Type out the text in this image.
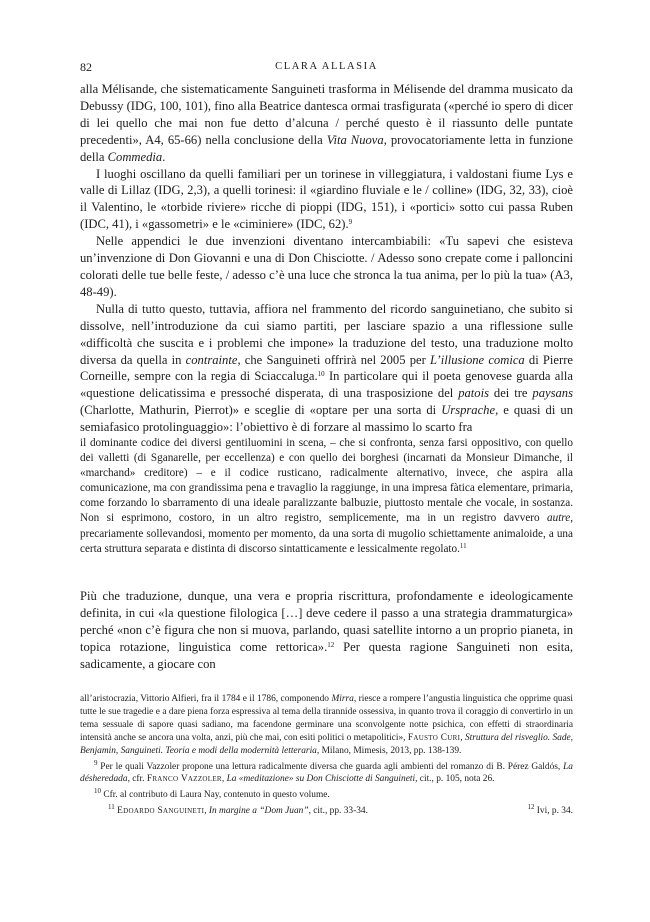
82	CLARA ALLASIA

alla Mélisande, che sistematicamente Sanguineti trasforma in Mélisende del dramma musicato da Debussy (IDG, 100, 101), fino alla Beatrice dantesca ormai trasfigurata («perché io spero di dicer di lei quello che mai non fue detto d’alcuna / perché questo è il riassunto delle puntate precedenti», A4, 65-66) nella conclusione della Vita Nuova, provocatoriamente letta in funzione della Commedia.

I luoghi oscillano da quelli familiari per un torinese in villeggiatura, i valdostani fiume Lys e valle di Lillaz (IDG, 2,3), a quelli torinesi: il «giardino fluviale e le / colline» (IDG, 32, 33), cioè il Valentino, le «torbide riviere» ricche di pioppi (IDG, 151), i «portici» sotto cui passa Ruben (IDC, 41), i «gassometri» e le «ciminiere» (IDC, 62).$^9$

Nelle appendici le due invenzioni diventano intercambiabili: «Tu sapevi che esisteva un’invenzione di Don Giovanni e una di Don Chisciotte. / Adesso sono crepate come i palloncini colorati delle tue belle feste, / adesso c’è una luce che stronca la tua anima, per lo più la tua» (A3, 48-49).

Nulla di tutto questo, tuttavia, affiora nel frammento del ricordo sanguinetiano, che subito si dissolve, nell’introduzione da cui siamo partiti, per lasciare spazio a una riflessione sulle «difficoltà che suscita e i problemi che impone» la traduzione del testo, una traduzione molto diversa da quella in contrainte, che Sanguineti offrirà nel 2005 per L’illusione comica di Pierre Corneille, sempre con la regia di Sciaccaluga.$^{10}$ In particolare qui il poeta genovese guarda alla «questione delicatissima e pressoché disperata, di una trasposizione del patois dei tre paysans (Charlotte, Mathurin, Pierrot)» e sceglie di «optare per una sorta di Ursprache, e quasi di un semiafasico protolinguaggio»: l’obiettivo è di forzare al massimo lo scarto fra

il dominante codice dei diversi gentiluomini in scena, – che si confronta, senza farsi oppositivo, con quello dei valletti (di Sganarelle, per eccellenza) e con quello dei borghesi (incarnati da Monsieur Dimanche, il «marchand» creditore) – e il codice rusticano, radicalmente alternativo, invece, che aspira alla comunicazione, ma con grandissima pena e travaglio la raggiunge, in una impresa fàtica elementare, primaria, come forzando lo sbarramento di una ideale paralizzante balbuzie, piuttosto mentale che vocale, in sostanza. Non si esprimono, costoro, in un altro registro, semplicemente, ma in un registro davvero autre, precariamente sollevandosi, momento per momento, da una sorta di mugolio schiettamente animaloide, a una certa struttura separata e distinta di discorso sintatticamente e lessicalmente regolato.$^{11}$
Più che traduzione, dunque, una vera e propria riscrittura, profondamente e ideologicamente definita, in cui «la questione filologica […] deve cedere il passo a una strategia drammaturgica» perché «non c’è figura che non si muova, parlando, quasi satellite intorno a un proprio pianeta, in topica rotazione, linguistica come rettorica».$^{12}$ Per questa ragione Sanguineti non esita, sadicamente, a giocare con

all’aristocrazia, Vittorio Alfieri, fra il 1784 e il 1786, componendo Mirra, riesce a rompere l’angustia linguistica che opprime quasi tutte le sue tragedie e a dare piena forza espressiva al tema della tirannide ossessiva, in quanto trova il coraggio di convertirlo in un tema sessuale di sapore quasi sadiano, ma facendone germinare una sconvolgente notte psichica, con effetti di straordinaria intensità anche se ancora una volta, anzi, più che mai, con esiti politici o metapolitici», Fausto Curi, Struttura del risveglio. Sade, Benjamin, Sanguineti. Teoria e modi della modernità letteraria, Milano, Mimesis, 2013, pp. 138-139.

$^9$ Per le quali Vazzoler propone una lettura radicalmente diversa che guarda agli ambienti del romanzo di B. Pérez Galdós, La désheredada, cfr. Franco Vazzoler, La «meditazione» su Don Chisciotte di Sanguineti, cit., p. 105, nota 26.

$^{10}$ Cfr. al contributo di Laura Nay, contenuto in questo volume.

$^{11}$ Edoardo Sanguineti, In margine a “Dom Juan”, cit., pp. 33-34.	$^{12}$ Ivi, p. 34.
